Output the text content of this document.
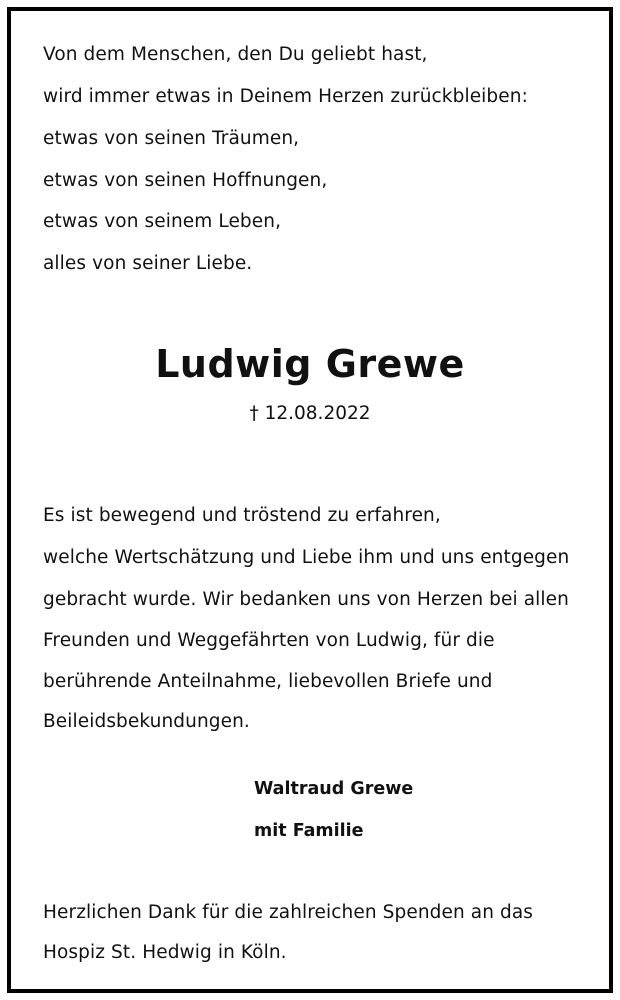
Von dem Menschen, den Du geliebt hast,
wird immer etwas in Deinem Herzen zurückbleiben:
etwas von seinen Träumen,
etwas von seinen Hoffnungen,
etwas von seinem Leben,
alles von seiner Liebe.
Ludwig Grewe
† 12.08.2022
Es ist bewegend und tröstend zu erfahren,
welche Wertschätzung und Liebe ihm und uns entgegen
gebracht wurde. Wir bedanken uns von Herzen bei allen
Freunden und Weggefährten von Ludwig, für die
berührende Anteilnahme, liebevollen Briefe und
Beileidsbekundungen.
Waltraud Grewe
mit Familie
Herzlichen Dank für die zahlreichen Spenden an das
Hospiz St. Hedwig in Köln.
